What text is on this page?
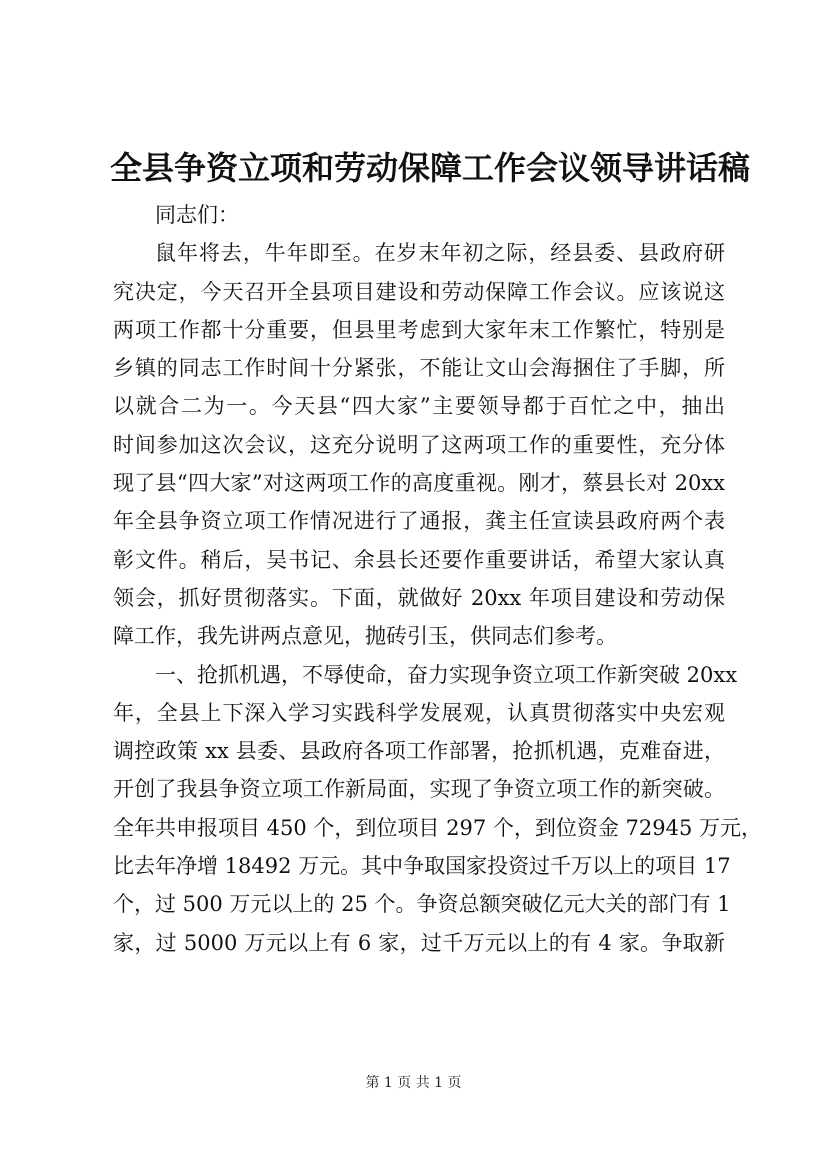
全县争资立项和劳动保障工作会议领导讲话稿
同志们：
鼠年将去，牛年即至。在岁末年初之际，经县委、县政府研
究决定，今天召开全县项目建设和劳动保障工作会议。应该说这
两项工作都十分重要，但县里考虑到大家年末工作繁忙，特别是
乡镇的同志工作时间十分紧张，不能让文山会海捆住了手脚，所
以就合二为一。今天县“四大家”主要领导都于百忙之中，抽出
时间参加这次会议，这充分说明了这两项工作的重要性，充分体
现了县“四大家”对这两项工作的高度重视。刚才，蔡县长对 20xx
年全县争资立项工作情况进行了通报，龚主任宣读县政府两个表
彰文件。稍后，吴书记、余县长还要作重要讲话，希望大家认真
领会，抓好贯彻落实。下面，就做好 20xx 年项目建设和劳动保
障工作，我先讲两点意见，抛砖引玉，供同志们参考。
一、抢抓机遇，不辱使命，奋力实现争资立项工作新突破 20xx
年，全县上下深入学习实践科学发展观，认真贯彻落实中央宏观
调控政策 xx 县委、县政府各项工作部署，抢抓机遇，克难奋进，
开创了我县争资立项工作新局面，实现了争资立项工作的新突破。
全年共申报项目 450 个，到位项目 297 个，到位资金 72945 万元，
比去年净增 18492 万元。其中争取国家投资过千万以上的项目 17
个，过 500 万元以上的 25 个。争资总额突破亿元大关的部门有 1
家，过 5000 万元以上有 6 家，过千万元以上的有 4 家。争取新
第 1 页 共 1 页
